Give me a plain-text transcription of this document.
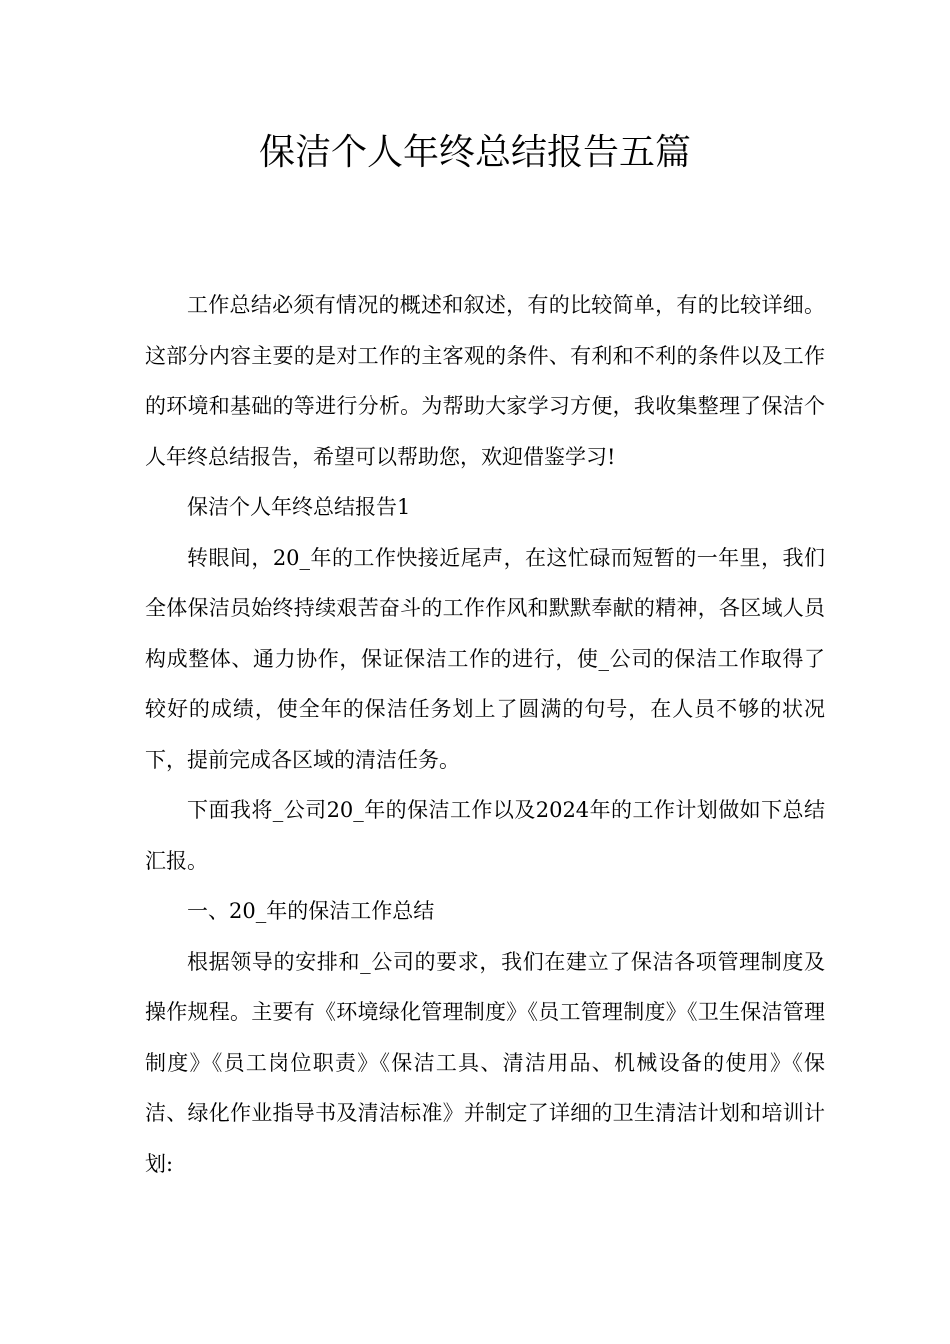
保洁个人年终总结报告五篇

工作总结必须有情况的概述和叙述，有的比较简单，有的比较详细。这部分内容主要的是对工作的主客观的条件、有利和不利的条件以及工作的环境和基础的等进行分析。为帮助大家学习方便，我收集整理了保洁个人年终总结报告，希望可以帮助您，欢迎借鉴学习!

保洁个人年终总结报告1

转眼间，20_年的工作快接近尾声，在这忙碌而短暂的一年里，我们全体保洁员始终持续艰苦奋斗的工作作风和默默奉献的精神，各区域人员构成整体、通力协作，保证保洁工作的进行，使_公司的保洁工作取得了较好的成绩，使全年的保洁任务划上了圆满的句号，在人员不够的状况下，提前完成各区域的清洁任务。

下面我将_公司20_年的保洁工作以及2024年的工作计划做如下总结汇报。

一、20_年的保洁工作总结

根据领导的安排和_公司的要求，我们在建立了保洁各项管理制度及操作规程。主要有《环境绿化管理制度》《员工管理制度》《卫生保洁管理制度》《员工岗位职责》《保洁工具、清洁用品、机械设备的使用》《保洁、绿化作业指导书及清洁标准》并制定了详细的卫生清洁计划和培训计划:
